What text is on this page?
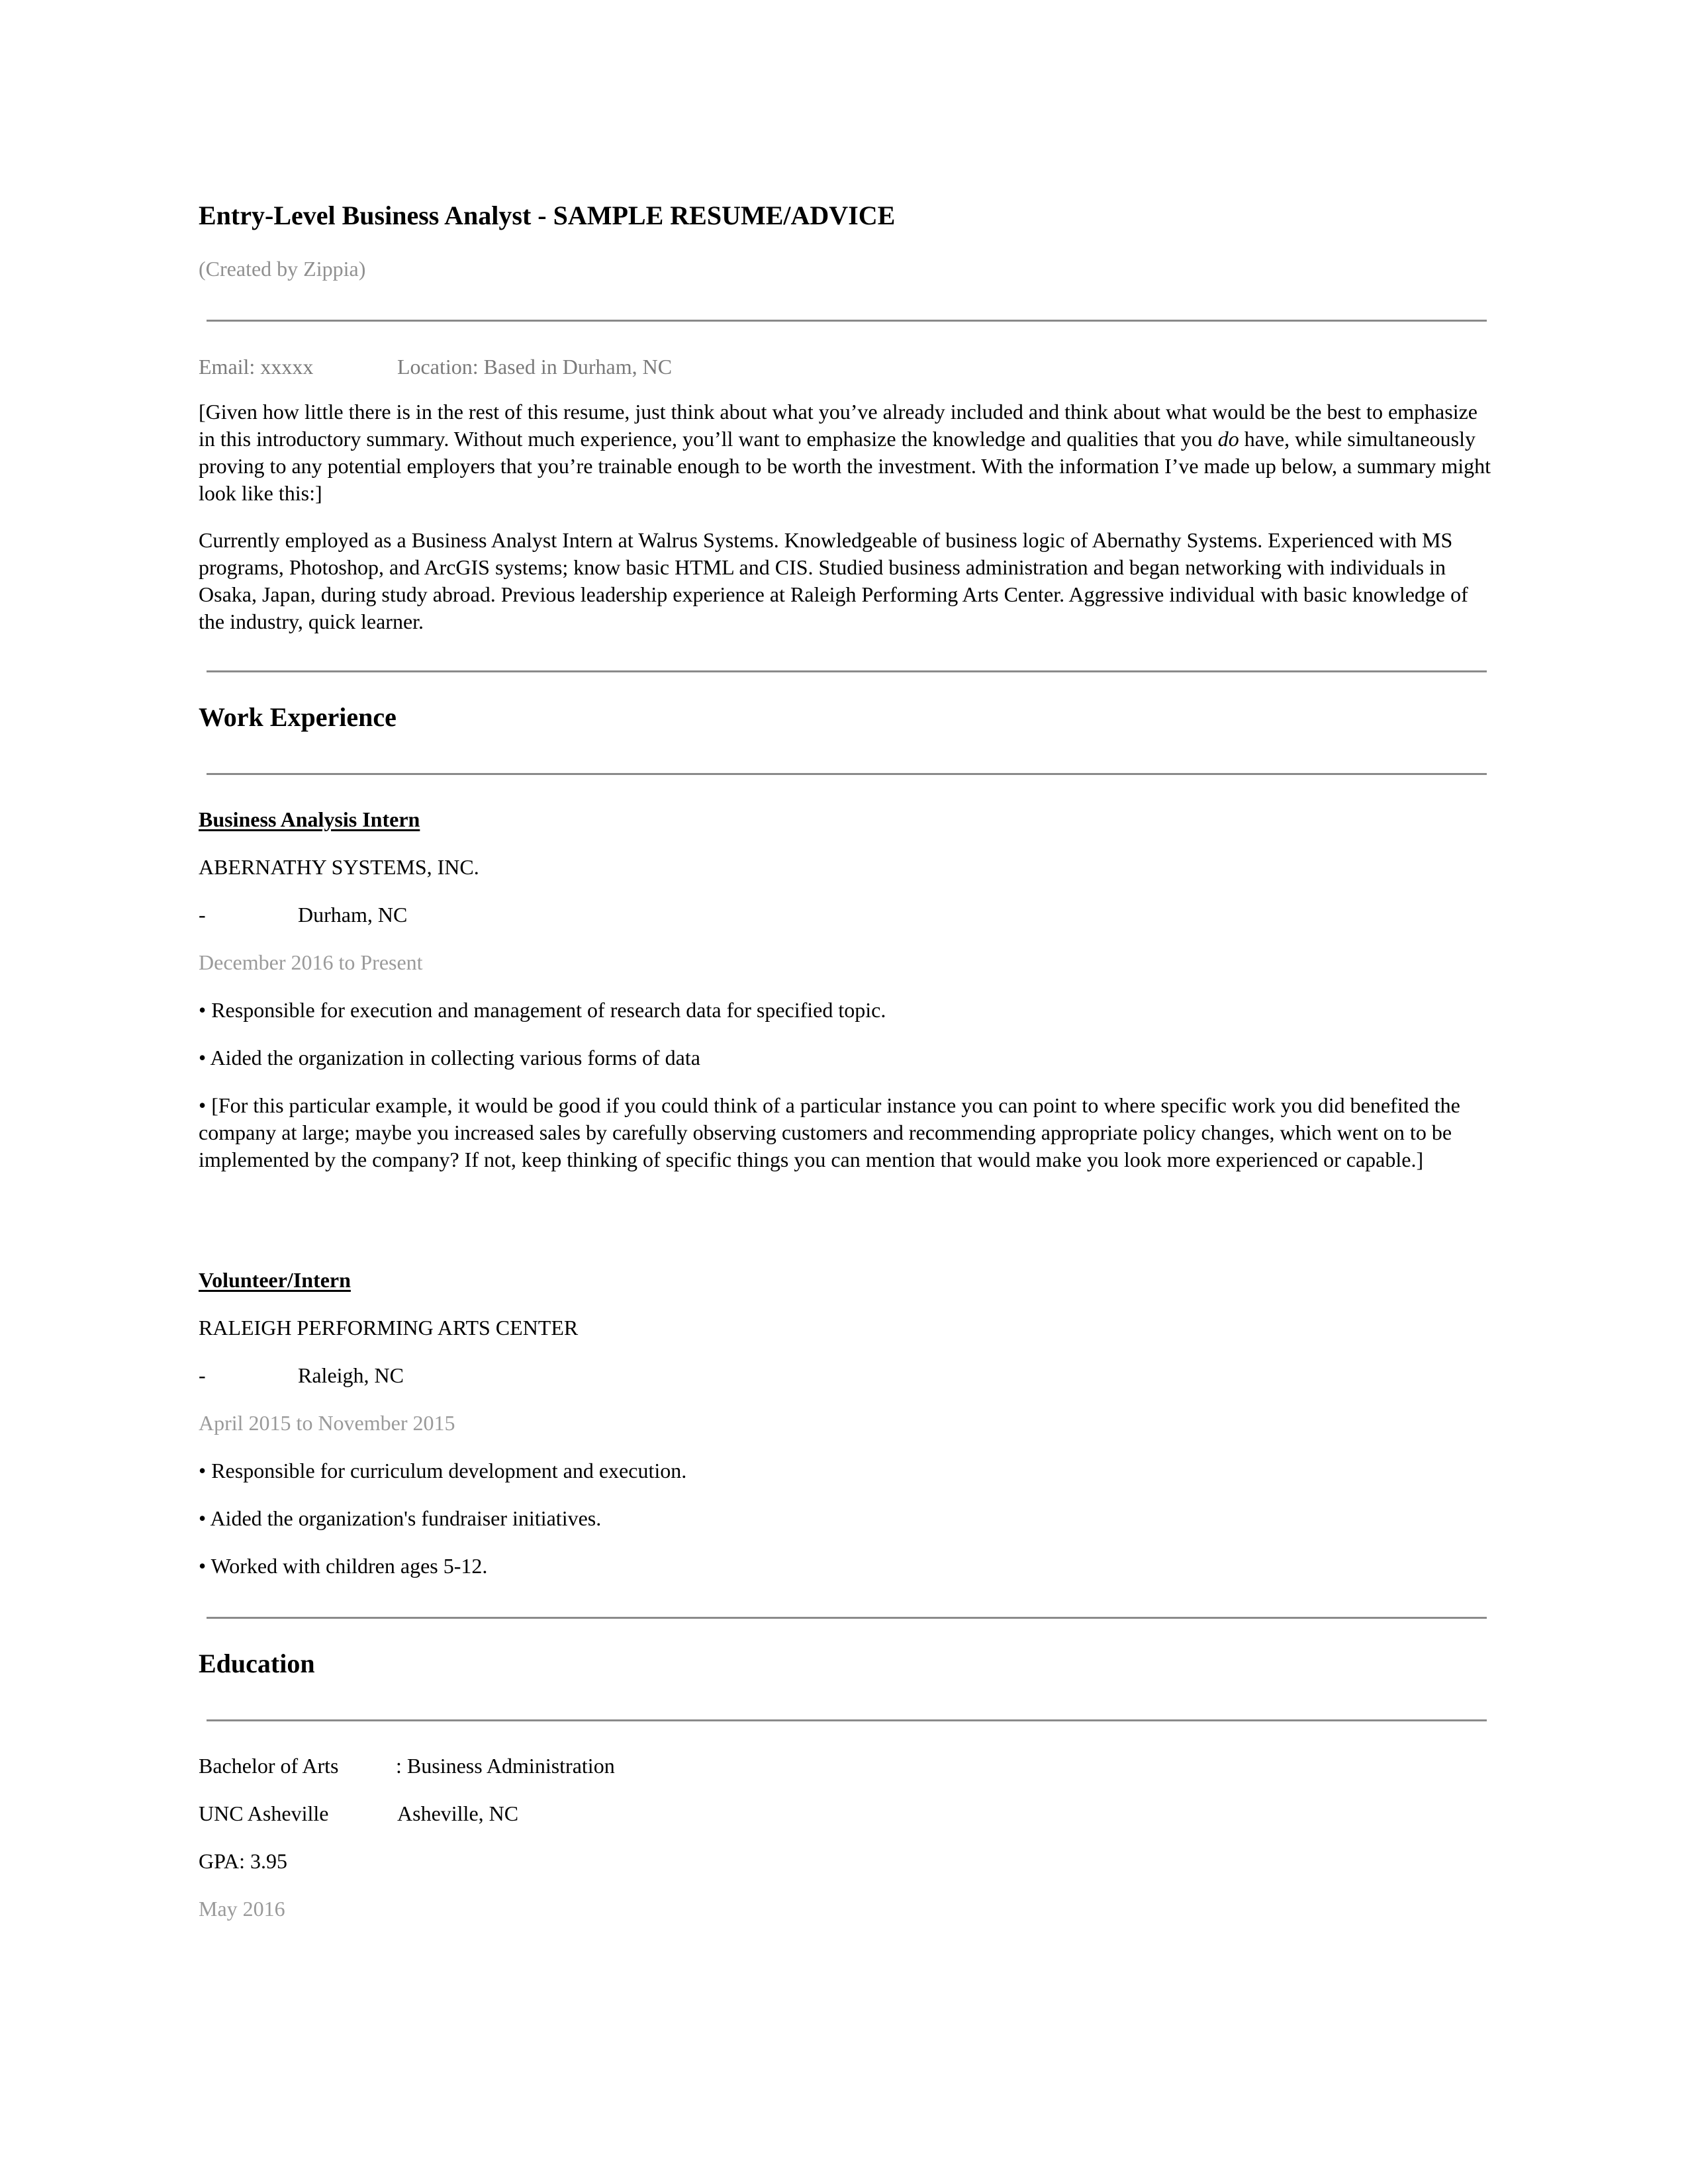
Entry-Level Business Analyst - SAMPLE RESUME/ADVICE
(Created by Zippia)
Email: xxxxx	Location: Based in Durham, NC
[Given how little there is in the rest of this resume, just think about what you’ve already included and think about what would be the best to emphasize in this introductory summary. Without much experience, you’ll want to emphasize the knowledge and qualities that you do have, while simultaneously proving to any potential employers that you’re trainable enough to be worth the investment. With the information I’ve made up below, a summary might look like this:]
Currently employed as a Business Analyst Intern at Walrus Systems. Knowledgeable of business logic of Abernathy Systems. Experienced with MS programs, Photoshop, and ArcGIS systems; know basic HTML and CIS. Studied business administration and began networking with individuals in Osaka, Japan, during study abroad. Previous leadership experience at Raleigh Performing Arts Center. Aggressive individual with basic knowledge of the industry, quick learner.
Work Experience
Business Analysis Intern
ABERNATHY SYSTEMS, INC.
-	Durham, NC
December 2016 to Present
• Responsible for execution and management of research data for specified topic.
• Aided the organization in collecting various forms of data
• [For this particular example, it would be good if you could think of a particular instance you can point to where specific work you did benefited the company at large; maybe you increased sales by carefully observing customers and recommending appropriate policy changes, which went on to be implemented by the company? If not, keep thinking of specific things you can mention that would make you look more experienced or capable.]
Volunteer/Intern
RALEIGH PERFORMING ARTS CENTER
-	Raleigh, NC
April 2015 to November 2015
• Responsible for curriculum development and execution.
• Aided the organization's fundraiser initiatives.
• Worked with children ages 5-12.
Education
Bachelor of Arts	: Business Administration
UNC Asheville	Asheville, NC
GPA: 3.95
May 2016
